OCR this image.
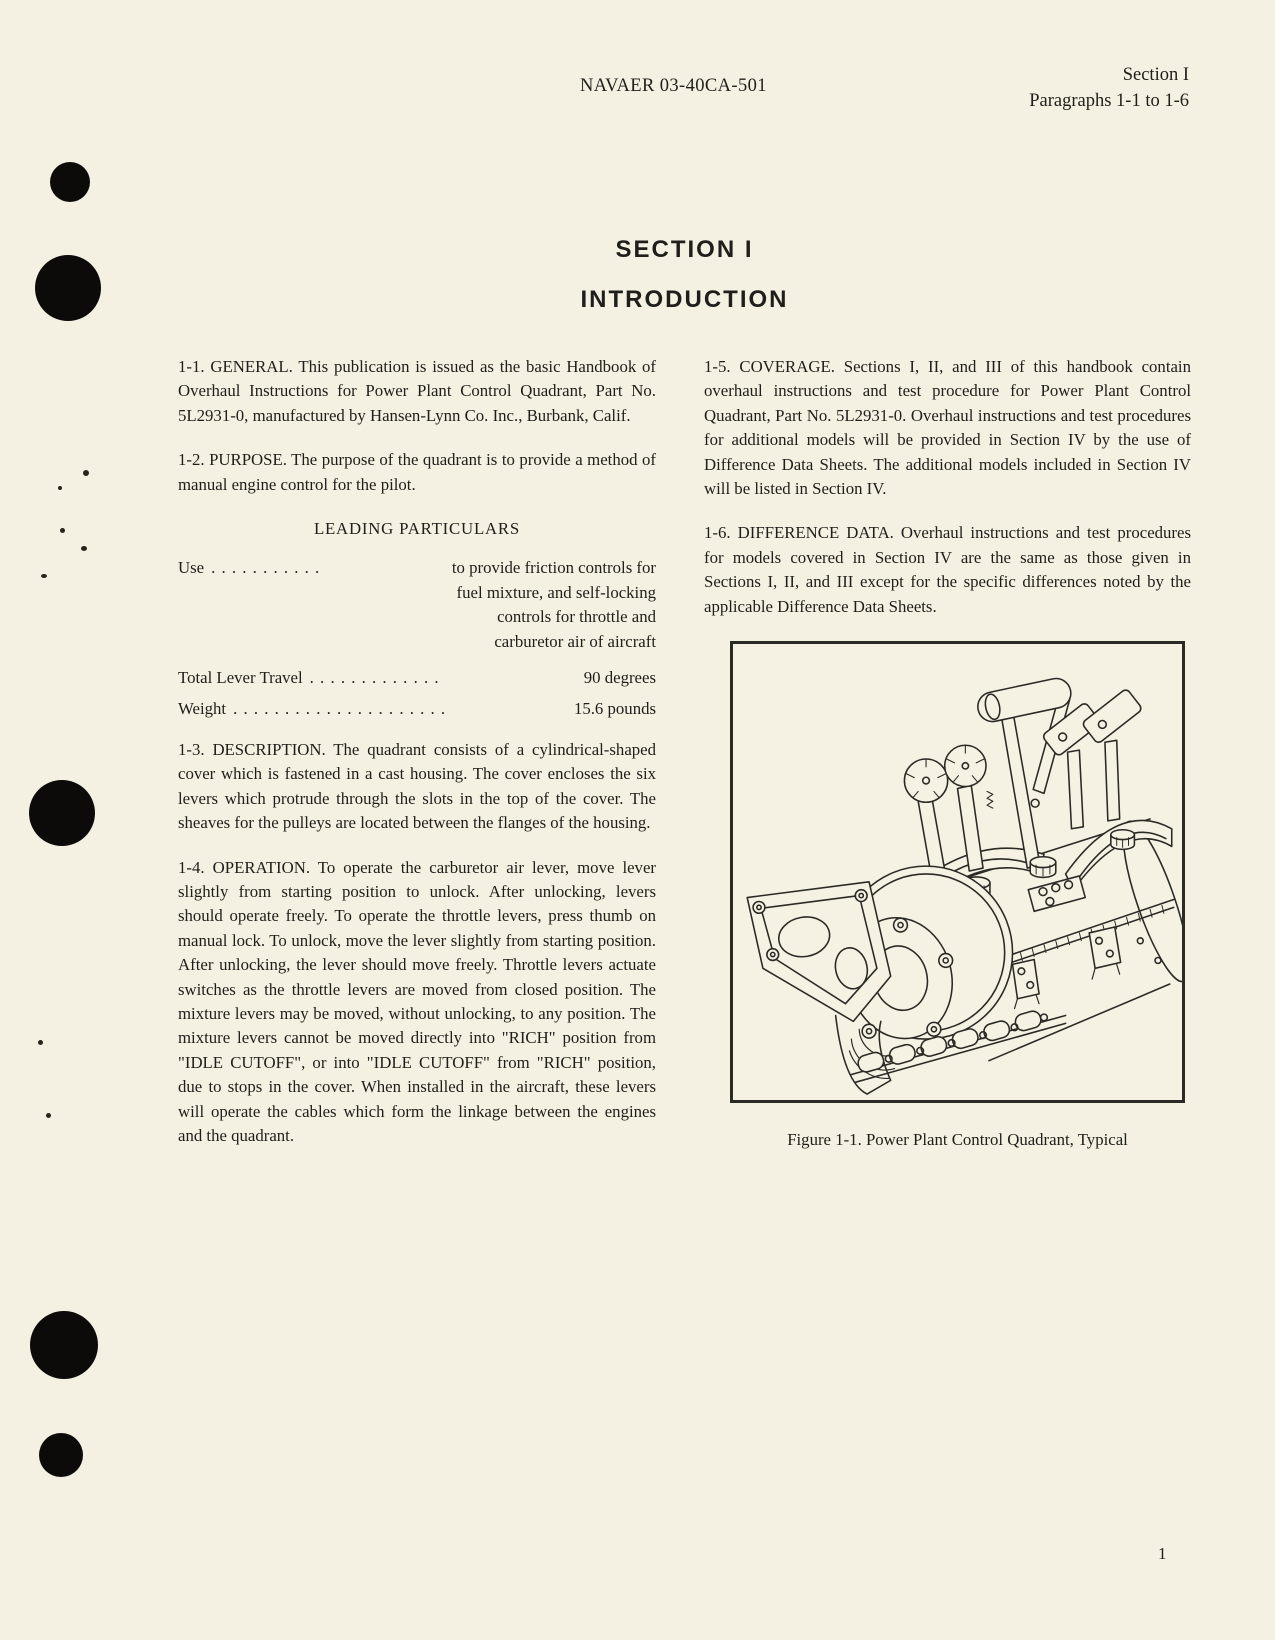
NAVAER 03-40CA-501
Section I
Paragraphs 1-1 to 1-6
SECTION I
INTRODUCTION

1-1. GENERAL. This publication is issued as the basic Handbook of Overhaul Instructions for Power Plant Control Quadrant, Part No. 5L2931-0, manufactured by Hansen-Lynn Co. Inc., Burbank, Calif.

1-2. PURPOSE. The purpose of the quadrant is to provide a method of manual engine control for the pilot.

LEADING PARTICULARS
Use . . . . . . . . . . .	to provide friction controls for
fuel mixture, and self-locking
controls for throttle and
carburetor air of aircraft
Total Lever Travel . . . . . . . . . . . . .	90 degrees
Weight . . . . . . . . . . . . . . . . . . . . .	15.6 pounds

1-3. DESCRIPTION. The quadrant consists of a cylindrical-shaped cover which is fastened in a cast housing. The cover encloses the six levers which protrude through the slots in the top of the cover. The sheaves for the pulleys are located between the flanges of the housing.

1-4. OPERATION. To operate the carburetor air lever, move lever slightly from starting position to unlock. After unlocking, levers should operate freely. To operate the throttle levers, press thumb on manual lock. To unlock, move the lever slightly from starting position. After unlocking, the lever should move freely. Throttle levers actuate switches as the throttle levers are moved from closed position. The mixture levers may be moved, without unlocking, to any position. The mixture levers cannot be moved directly into "RICH" position from "IDLE CUTOFF", or into "IDLE CUTOFF" from "RICH" position, due to stops in the cover. When installed in the aircraft, these levers will operate the cables which form the linkage between the engines and the quadrant.

1-5. COVERAGE. Sections I, II, and III of this handbook contain overhaul instructions and test procedure for Power Plant Control Quadrant, Part No. 5L2931-0. Overhaul instructions and test procedures for additional models will be provided in Section IV by the use of Difference Data Sheets. The additional models included in Section IV will be listed in Section IV.

1-6. DIFFERENCE DATA. Overhaul instructions and test procedures for models covered in Section IV are the same as those given in Sections I, II, and III except for the specific differences noted by the applicable Difference Data Sheets.

Figure 1-1. Power Plant Control Quadrant, Typical
1
